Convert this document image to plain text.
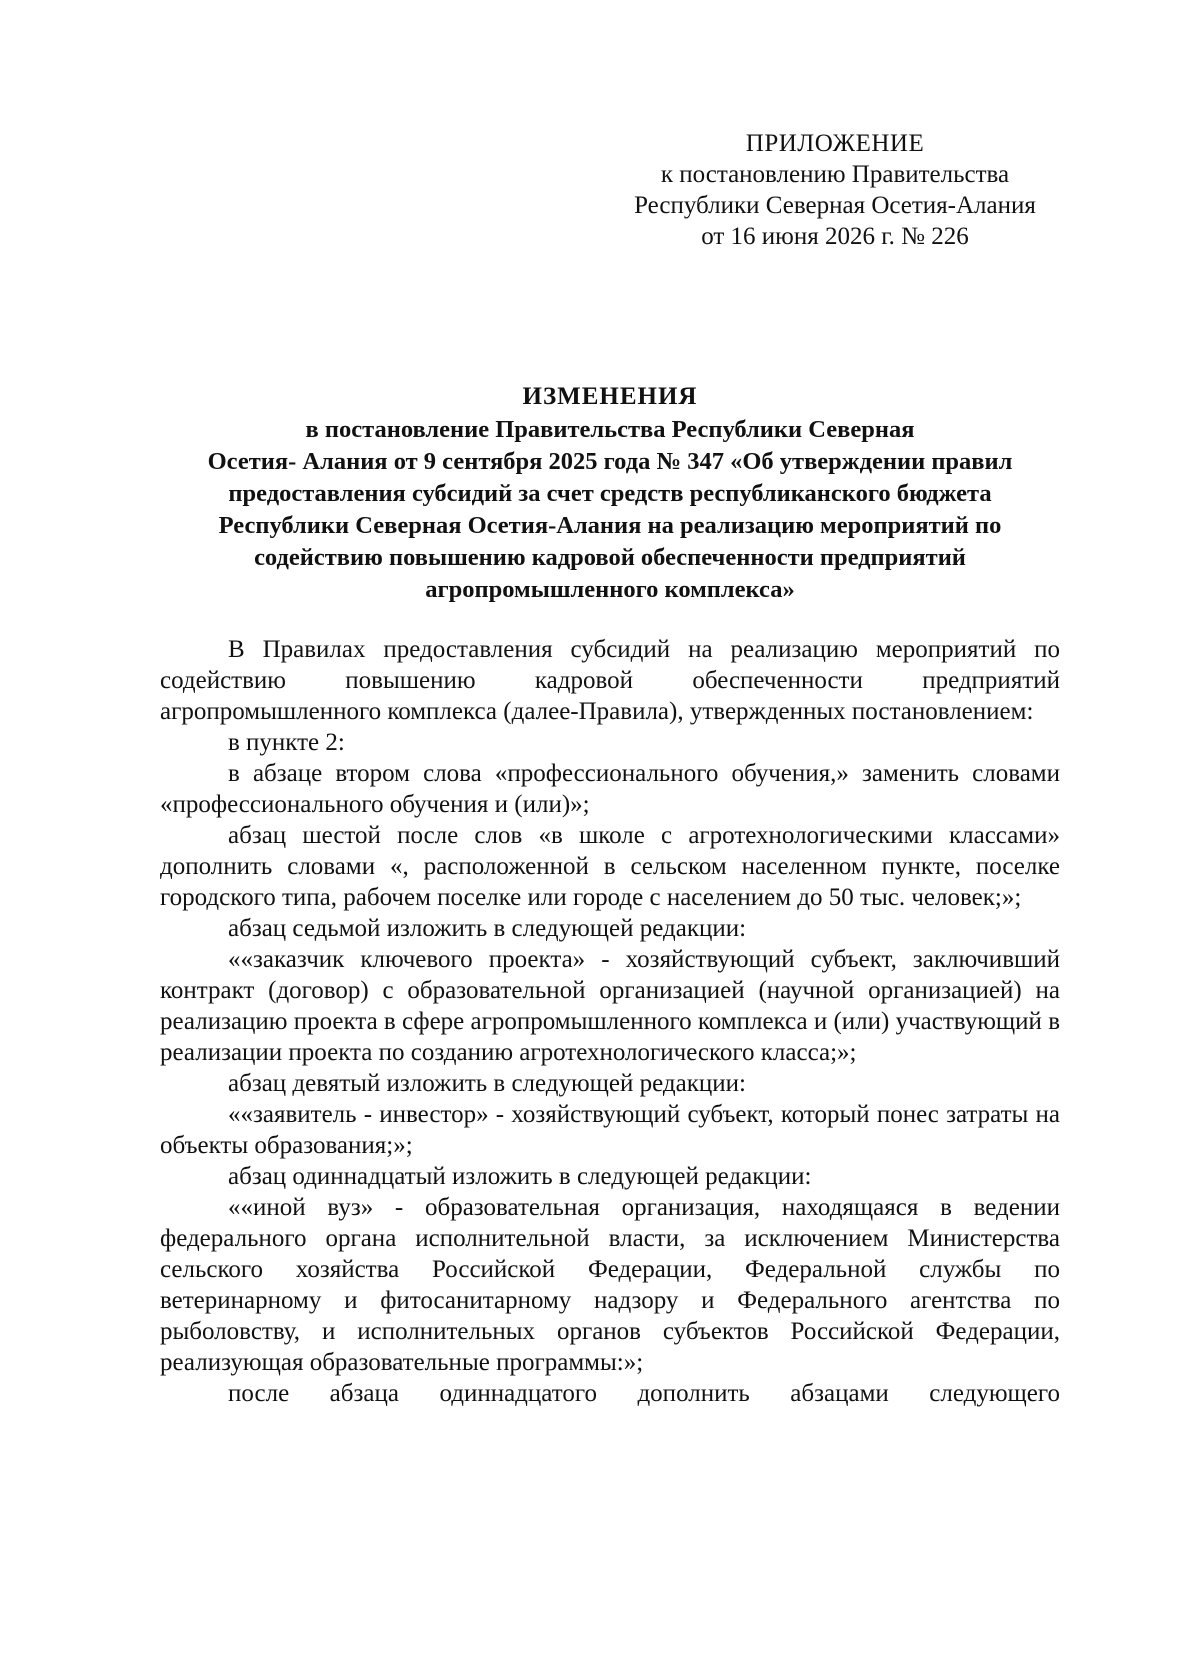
ПРИЛОЖЕНИЕ
к постановлению Правительства
Республики Северная Осетия-Алания
от 16 июня 2026 г. № 226
ИЗМЕНЕНИЯ
в постановление Правительства Республики Северная
Осетия- Алания от 9 сентября 2025 года № 347 «Об утверждении правил
предоставления субсидий за счет средств республиканского бюджета
Республики Северная Осетия-Алания на реализацию мероприятий по
содействию повышению кадровой обеспеченности предприятий
агропромышленного комплекса»
В Правилах предоставления субсидий на реализацию мероприятий по содействию повышению кадровой обеспеченности предприятий агропромышленного комплекса (далее-Правила), утвержденных постановлением:
в пункте 2:
в абзаце втором слова «профессионального обучения,» заменить словами «профессионального обучения и (или)»;
абзац шестой после слов «в школе с агротехнологическими классами» дополнить словами «, расположенной в сельском населенном пункте, поселке городского типа, рабочем поселке или городе с населением до 50 тыс. человек;»;
абзац седьмой изложить в следующей редакции:
««заказчик ключевого проекта» - хозяйствующий субъект, заключивший контракт (договор) с образовательной организацией (научной организацией) на реализацию проекта в сфере агропромышленного комплекса и (или) участвующий в реализации проекта по созданию агротехнологического класса;»;
абзац девятый изложить в следующей редакции:
««заявитель - инвестор» - хозяйствующий субъект, который понес затраты на объекты образования;»;
абзац одиннадцатый изложить в следующей редакции:
««иной вуз» - образовательная организация, находящаяся в ведении федерального органа исполнительной власти, за исключением Министерства сельского хозяйства Российской Федерации, Федеральной службы по ветеринарному и фитосанитарному надзору и Федерального агентства по рыболовству, и исполнительных органов субъектов Российской Федерации, реализующая образовательные программы:»;
после абзаца одиннадцатого дополнить абзацами следующего
